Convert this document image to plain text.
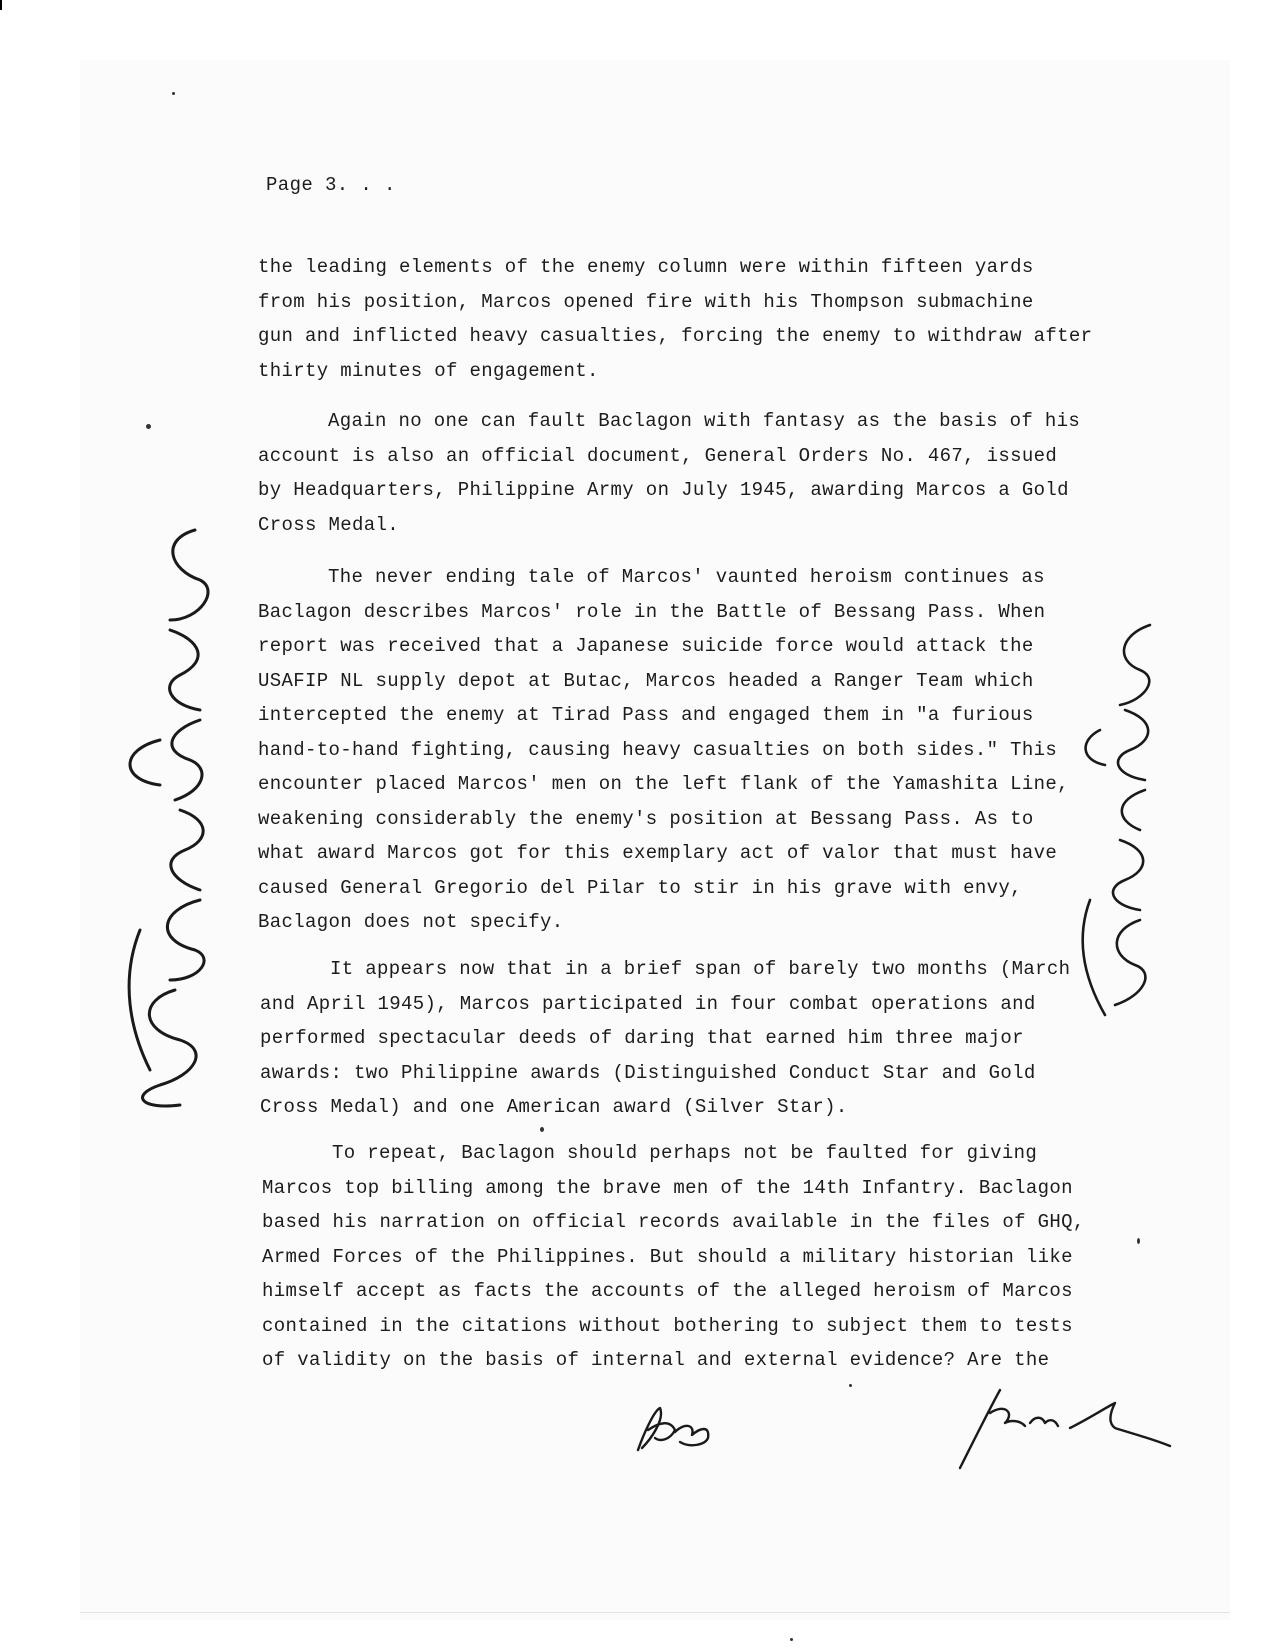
Page 3. . .

the leading elements of the enemy column were within fifteen yards
from his position, Marcos opened fire with his Thompson submachine
gun and inflicted heavy casualties, forcing the enemy to withdraw after
thirty minutes of engagement.

Again no one can fault Baclagon with fantasy as the basis of his
account is also an official document, General Orders No. 467, issued
by Headquarters, Philippine Army on July 1945, awarding Marcos a Gold
Cross Medal.

The never ending tale of Marcos' vaunted heroism continues as
Baclagon describes Marcos' role in the Battle of Bessang Pass. When
report was received that a Japanese suicide force would attack the
USAFIP NL supply depot at Butac, Marcos headed a Ranger Team which
intercepted the enemy at Tirad Pass and engaged them in "a furious
hand-to-hand fighting, causing heavy casualties on both sides." This
encounter placed Marcos' men on the left flank of the Yamashita Line,
weakening considerably the enemy's position at Bessang Pass. As to
what award Marcos got for this exemplary act of valor that must have
caused General Gregorio del Pilar to stir in his grave with envy,
Baclagon does not specify.

It appears now that in a brief span of barely two months (March
and April 1945), Marcos participated in four combat operations and
performed spectacular deeds of daring that earned him three major
awards: two Philippine awards (Distinguished Conduct Star and Gold
Cross Medal) and one American award (Silver Star).

To repeat, Baclagon should perhaps not be faulted for giving
Marcos top billing among the brave men of the 14th Infantry. Baclagon
based his narration on official records available in the files of GHQ,
Armed Forces of the Philippines. But should a military historian like
himself accept as facts the accounts of the alleged heroism of Marcos
contained in the citations without bothering to subject them to tests
of validity on the basis of internal and external evidence? Are the
